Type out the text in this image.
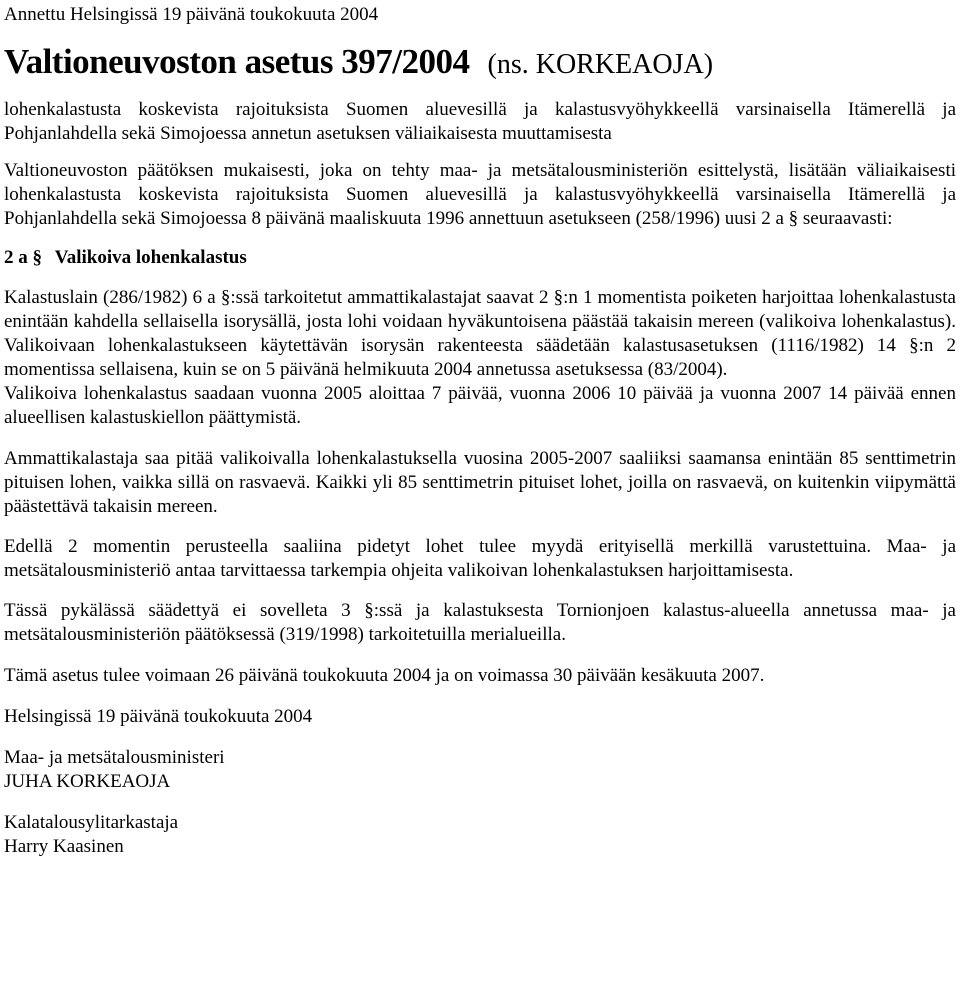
Annettu Helsingissä 19 päivänä toukokuuta 2004
Valtioneuvoston asetus 397/2004 (ns. KORKEAOJA)

lohenkalastusta koskevista rajoituksista Suomen aluevesillä ja kalastusvyöhykkeellä varsinaisella Itämerellä ja Pohjanlahdella sekä Simojoessa annetun asetuksen väliaikaisesta muuttamisesta

Valtioneuvoston päätöksen mukaisesti, joka on tehty maa- ja metsätalousministeriön esittelystä, lisätään väliaikaisesti lohenkalastusta koskevista rajoituksista Suomen aluevesillä ja kalastusvyöhykkeellä varsinaisella Itämerellä ja Pohjanlahdella sekä Simojoessa 8 päivänä maaliskuuta 1996 annettuun asetukseen (258/1996) uusi 2 a § seuraavasti:

2 a § Valikoiva lohenkalastus

Kalastuslain (286/1982) 6 a §:ssä tarkoitetut ammattikalastajat saavat 2 §:n 1 momentista poiketen harjoittaa lohenkalastusta enintään kahdella sellaisella isorysällä, josta lohi voidaan hyväkuntoisena päästää takaisin mereen (valikoiva lohenkalastus). Valikoivaan lohenkalastukseen käytettävän isorysän rakenteesta säädetään kalastusasetuksen (1116/1982) 14 §:n 2 momentissa sellaisena, kuin se on 5 päivänä helmikuuta 2004 annetussa asetuksessa (83/2004).

Valikoiva lohenkalastus saadaan vuonna 2005 aloittaa 7 päivää, vuonna 2006 10 päivää ja vuonna 2007 14 päivää ennen alueellisen kalastuskiellon päättymistä.

Ammattikalastaja saa pitää valikoivalla lohenkalastuksella vuosina 2005-2007 saaliiksi saamansa enintään 85 senttimetrin pituisen lohen, vaikka sillä on rasvaevä. Kaikki yli 85 senttimetrin pituiset lohet, joilla on rasvaevä, on kuitenkin viipymättä päästettävä takaisin mereen.

Edellä 2 momentin perusteella saaliina pidetyt lohet tulee myydä erityisellä merkillä varustettuina. Maa- ja metsätalousministeriö antaa tarvittaessa tarkempia ohjeita valikoivan lohenkalastuksen harjoittamisesta.

Tässä pykälässä säädettyä ei sovelleta 3 §:ssä ja kalastuksesta Tornionjoen kalastus-alueella annetussa maa- ja metsätalousministeriön päätöksessä (319/1998) tarkoitetuilla merialueilla.

Tämä asetus tulee voimaan 26 päivänä toukokuuta 2004 ja on voimassa 30 päivään kesäkuuta 2007.

Helsingissä 19 päivänä toukokuuta 2004
Maa- ja metsätalousministeri
JUHA KORKEAOJA
Kalatalousylitarkastaja
Harry Kaasinen
